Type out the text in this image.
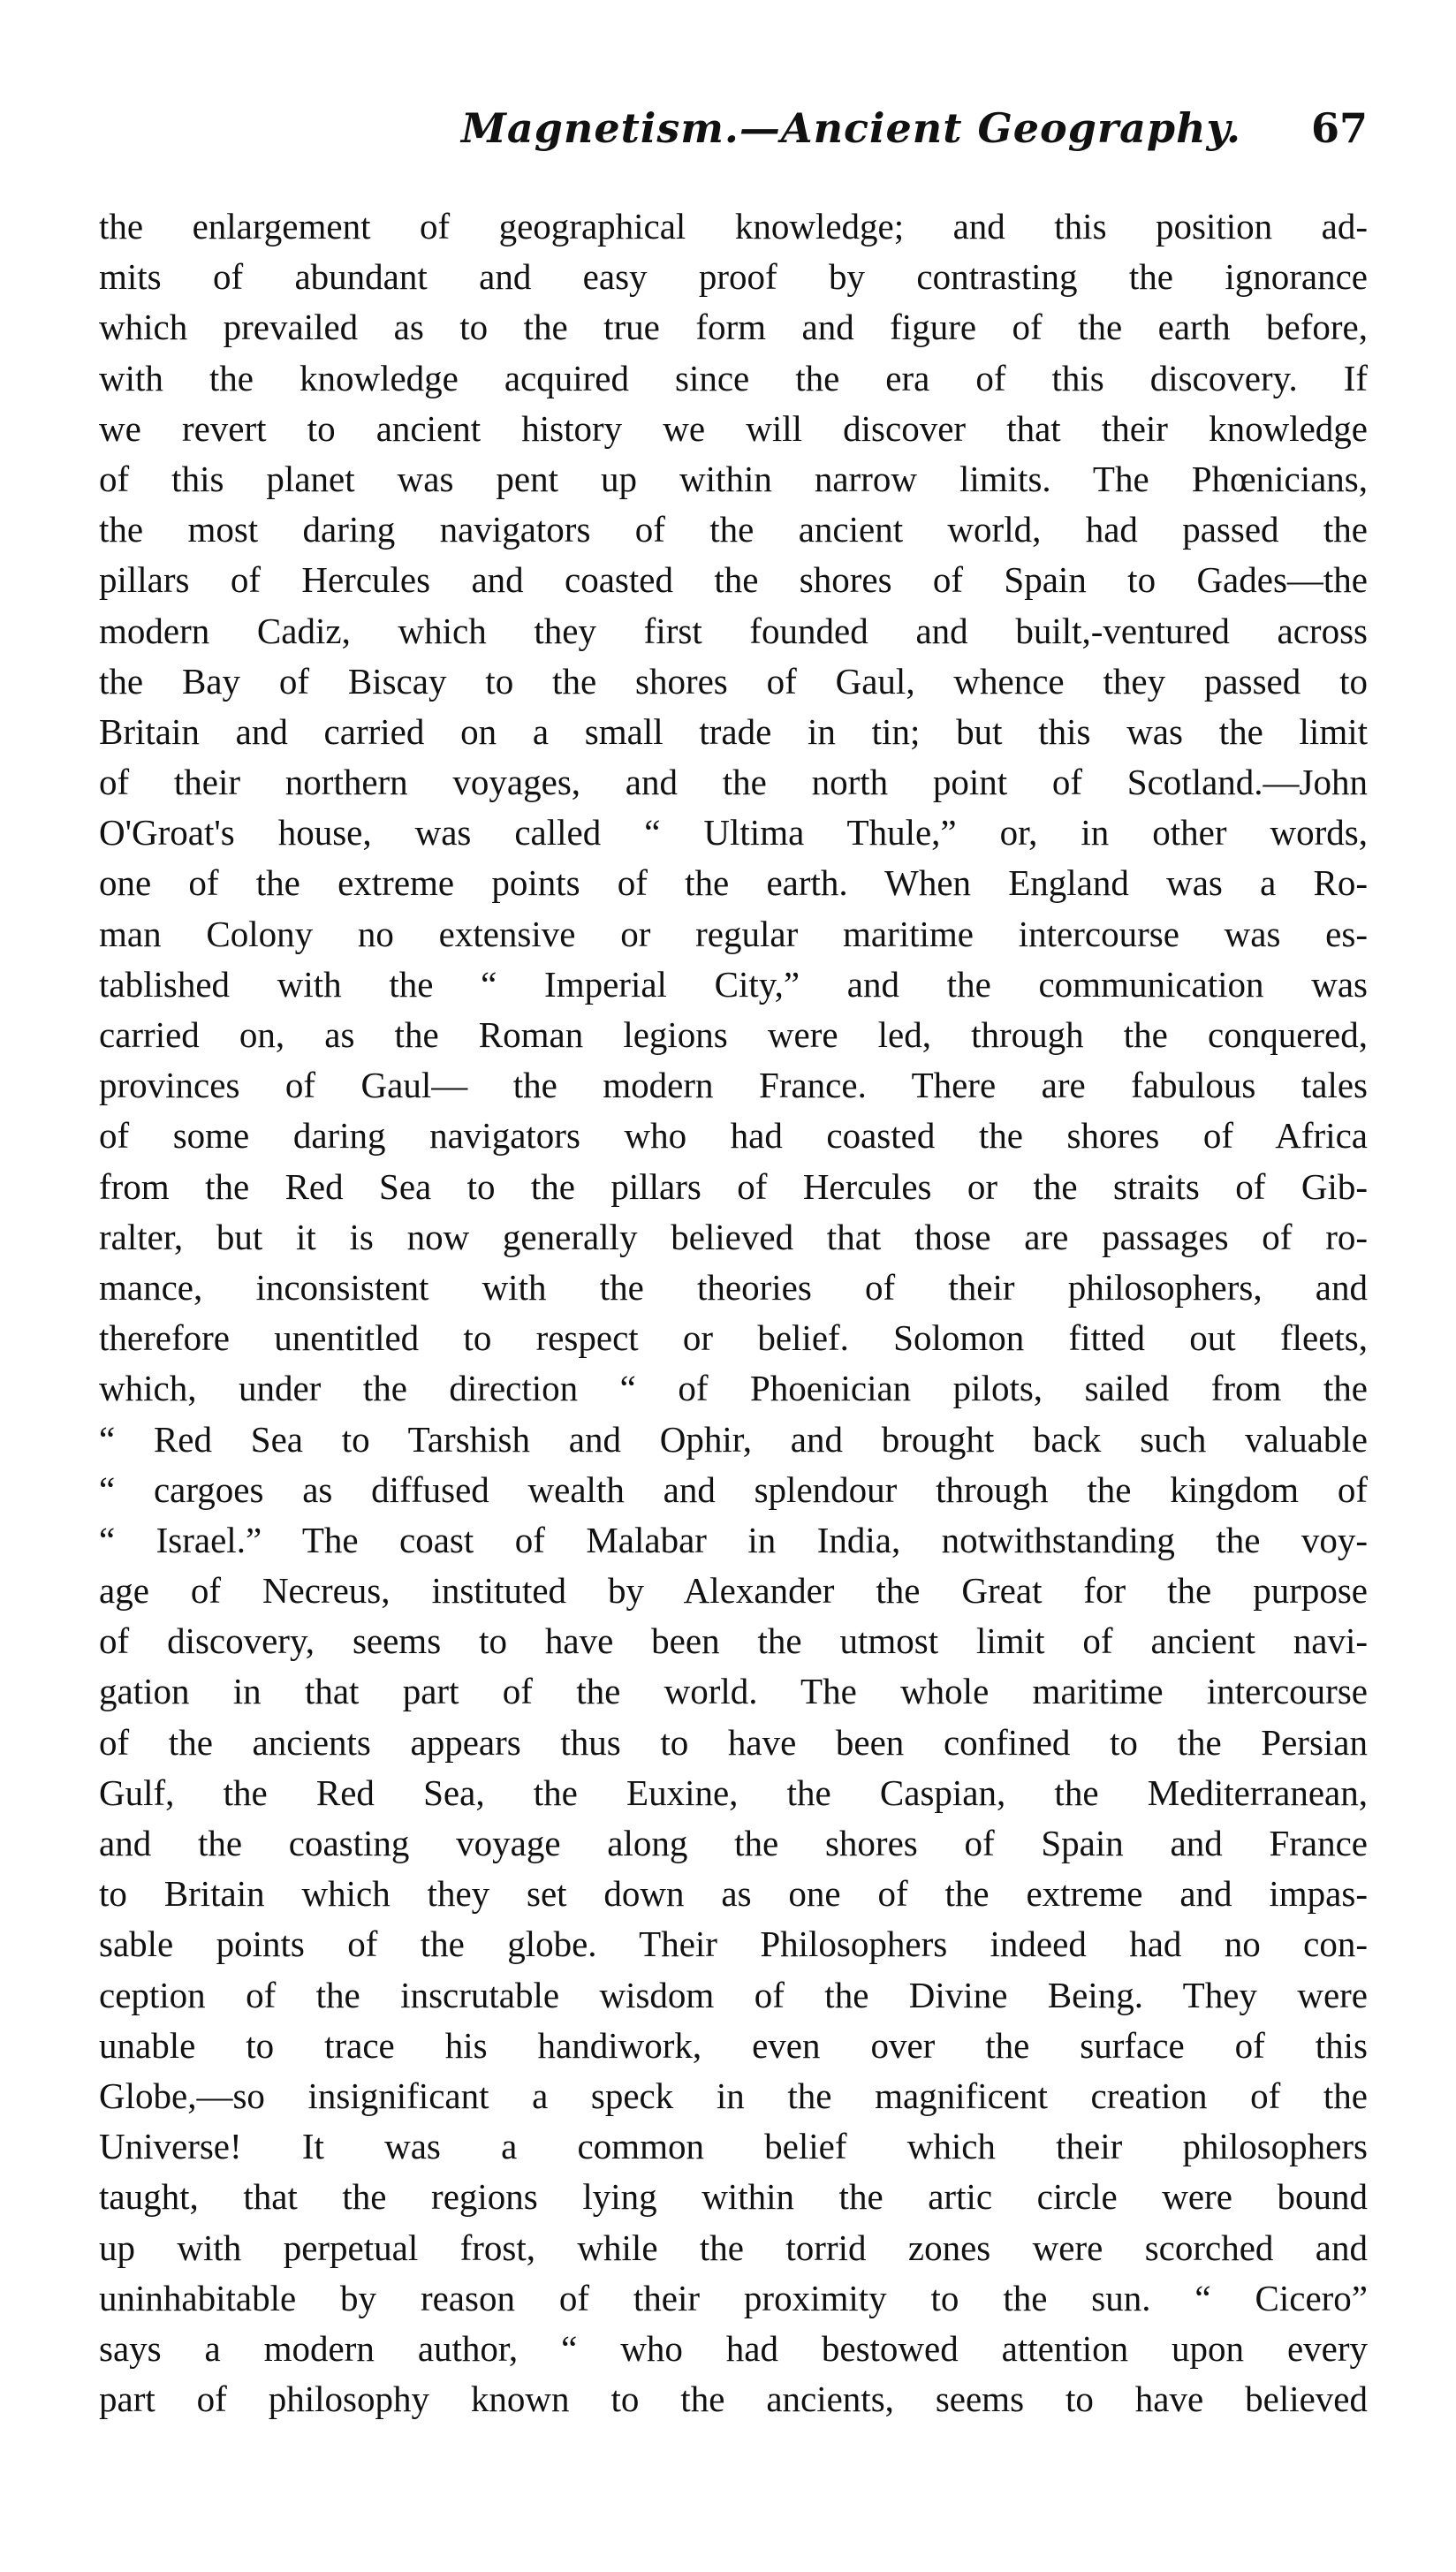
Magnetism.—Ancient Geography. 67
the enlargement of geographical knowledge; and this position ad-
mits of abundant and easy proof by contrasting the ignorance
which prevailed as to the true form and figure of the earth before,
with the knowledge acquired since the era of this discovery. If
we revert to ancient history we will discover that their knowledge
of this planet was pent up within narrow limits. The Phœnicians,
the most daring navigators of the ancient world, had passed the
pillars of Hercules and coasted the shores of Spain to Gades—the
modern Cadiz, which they first founded and built,-ventured across
the Bay of Biscay to the shores of Gaul, whence they passed to
Britain and carried on a small trade in tin; but this was the limit
of their northern voyages, and the north point of Scotland.—John
O'Groat's house, was called “ Ultima Thule,” or, in other words,
one of the extreme points of the earth. When England was a Ro-
man Colony no extensive or regular maritime intercourse was es-
tablished with the “ Imperial City,” and the communication was
carried on, as the Roman legions were led, through the conquered,
provinces of Gaul— the modern France. There are fabulous tales
of some daring navigators who had coasted the shores of Africa
from the Red Sea to the pillars of Hercules or the straits of Gib-
ralter, but it is now generally believed that those are passages of ro-
mance, inconsistent with the theories of their philosophers, and
therefore unentitled to respect or belief. Solomon fitted out fleets,
which, under the direction “ of Phoenician pilots, sailed from the
“ Red Sea to Tarshish and Ophir, and brought back such valuable
“ cargoes as diffused wealth and splendour through the kingdom of
“ Israel.” The coast of Malabar in India, notwithstanding the voy-
age of Necreus, instituted by Alexander the Great for the purpose
of discovery, seems to have been the utmost limit of ancient navi-
gation in that part of the world. The whole maritime intercourse
of the ancients appears thus to have been confined to the Persian
Gulf, the Red Sea, the Euxine, the Caspian, the Mediterranean,
and the coasting voyage along the shores of Spain and France
to Britain which they set down as one of the extreme and impas-
sable points of the globe. Their Philosophers indeed had no con-
ception of the inscrutable wisdom of the Divine Being. They were
unable to trace his handiwork, even over the surface of this
Globe,—so insignificant a speck in the magnificent creation of the
Universe! It was a common belief which their philosophers
taught, that the regions lying within the artic circle were bound
up with perpetual frost, while the torrid zones were scorched and
uninhabitable by reason of their proximity to the sun. “ Cicero”
says a modern author, “ who had bestowed attention upon every
part of philosophy known to the ancients, seems to have believed
